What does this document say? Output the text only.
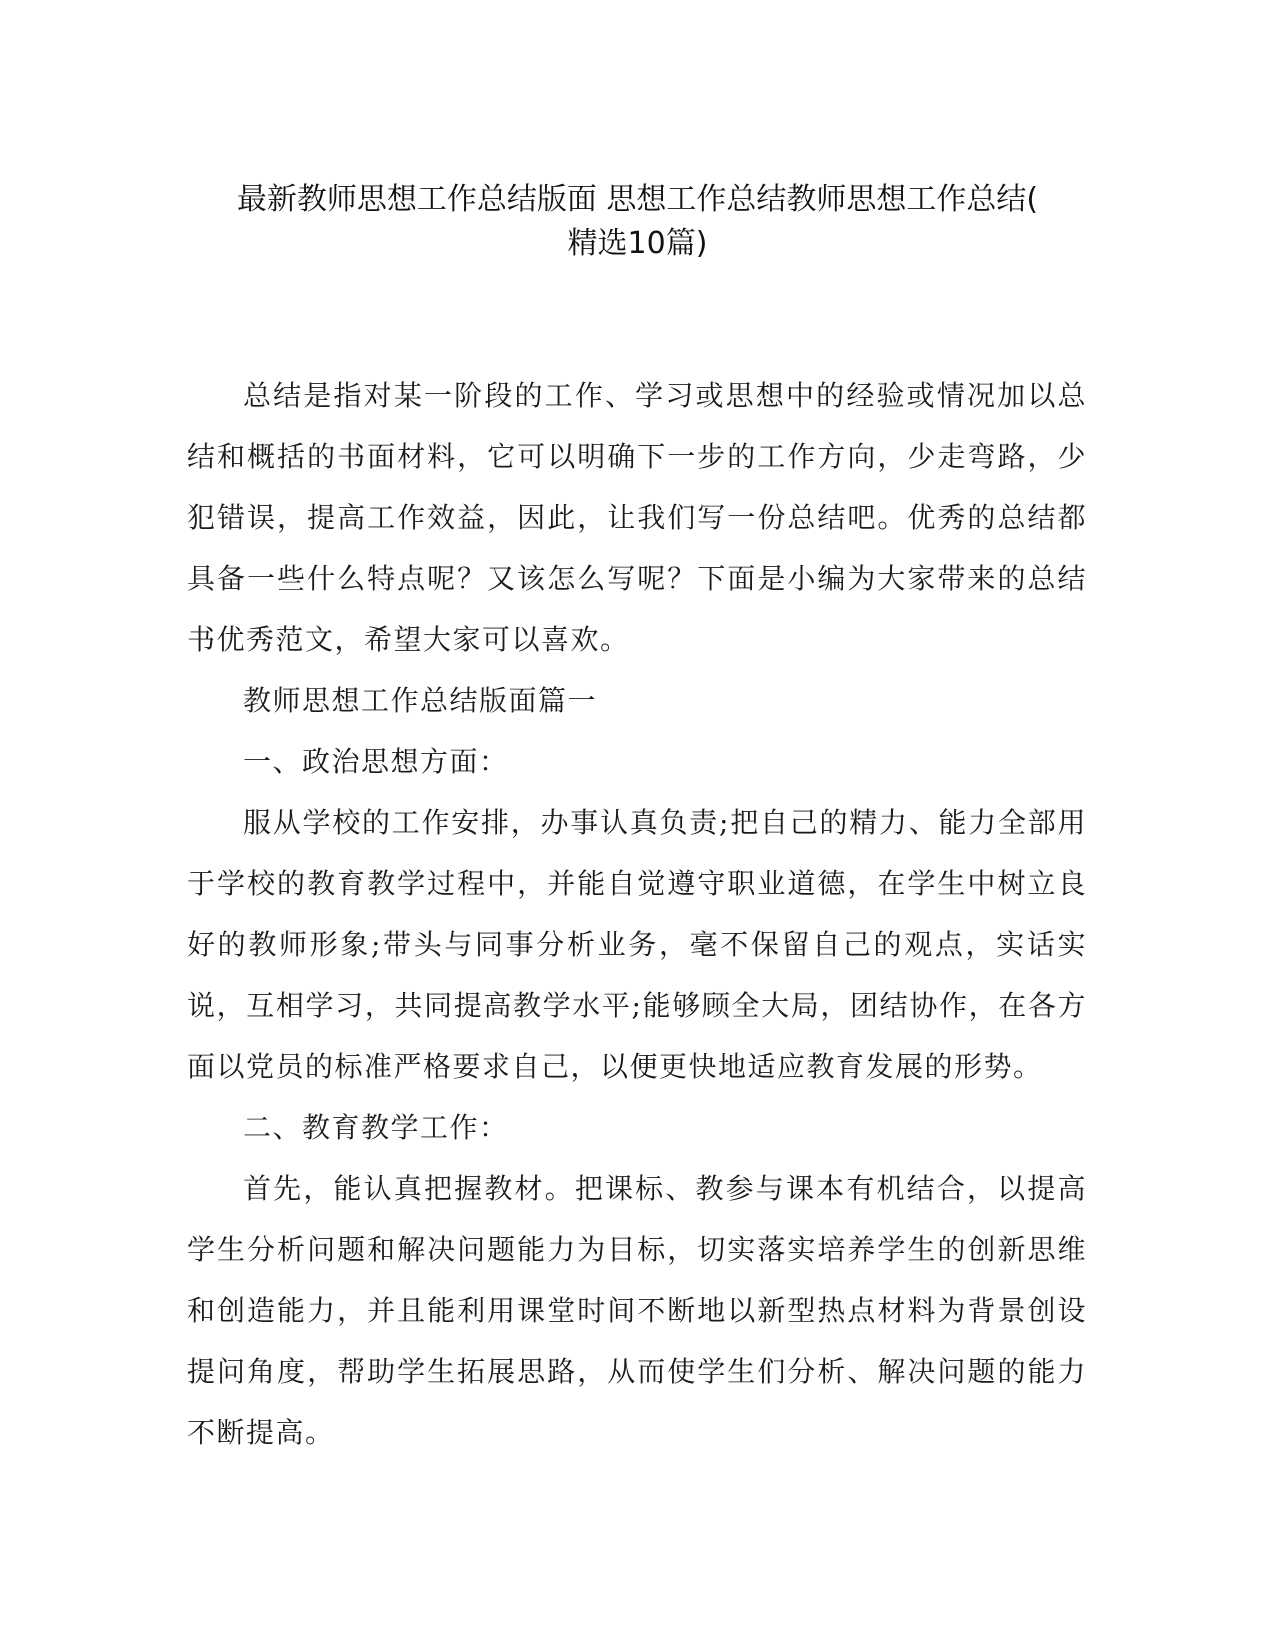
最新教师思想工作总结版面 思想工作总结教师思想工作总结(
精选10篇)

总结是指对某一阶段的工作、学习或思想中的经验或情况加以总结和概括的书面材料，它可以明确下一步的工作方向，少走弯路，少犯错误，提高工作效益，因此，让我们写一份总结吧。优秀的总结都具备一些什么特点呢？又该怎么写呢？下面是小编为大家带来的总结书优秀范文，希望大家可以喜欢。

教师思想工作总结版面篇一

一、政治思想方面：

服从学校的工作安排，办事认真负责;把自己的精力、能力全部用于学校的教育教学过程中，并能自觉遵守职业道德，在学生中树立良好的教师形象;带头与同事分析业务，毫不保留自己的观点，实话实说，互相学习，共同提高教学水平;能够顾全大局，团结协作，在各方面以党员的标准严格要求自己，以便更快地适应教育发展的形势。

二、教育教学工作：

首先，能认真把握教材。把课标、教参与课本有机结合，以提高学生分析问题和解决问题能力为目标，切实落实培养学生的创新思维和创造能力，并且能利用课堂时间不断地以新型热点材料为背景创设提问角度，帮助学生拓展思路，从而使学生们分析、解决问题的能力不断提高。
